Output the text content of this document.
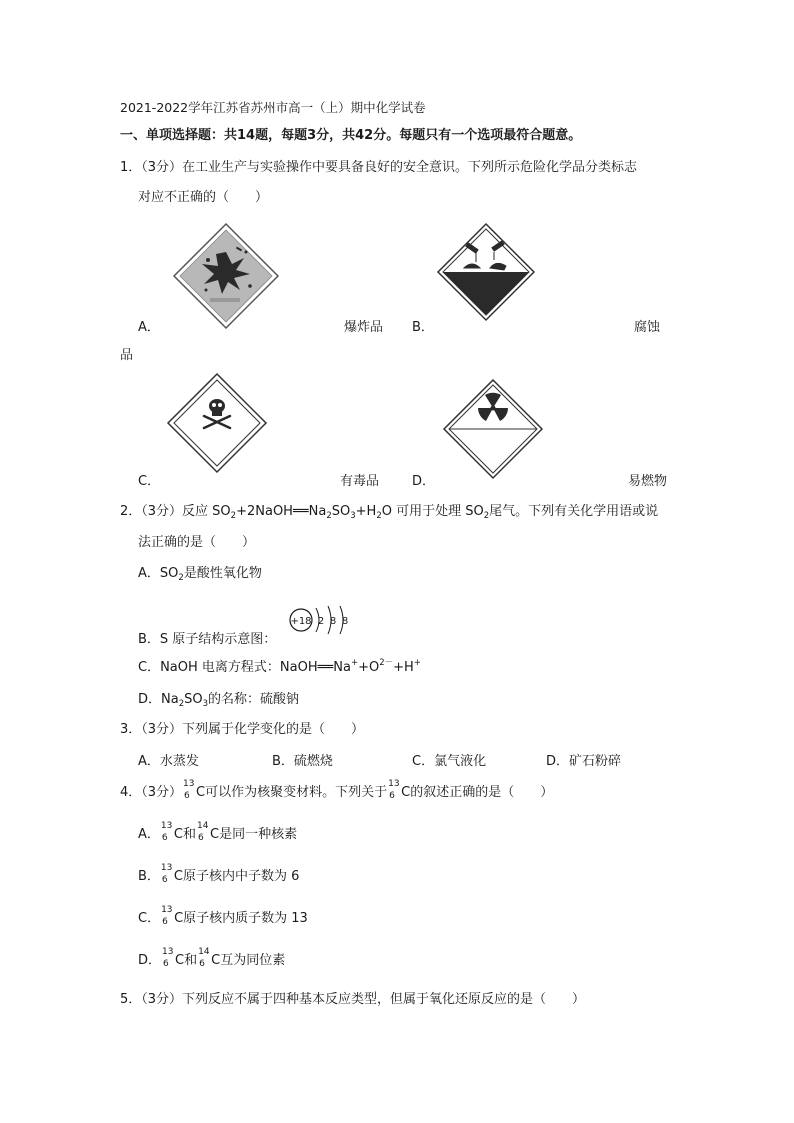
2021-2022学年江苏省苏州市高一（上）期中化学试卷
一、单项选择题：共14题，每题3分，共42分。每题只有一个选项最符合题意。
1．（3分）在工业生产与实验操作中要具备良好的安全意识。下列所示危险化学品分类标志
对应不正确的（　　）
A．	爆炸品 B．	腐蚀
品
C．	有毒品	D．	易燃物
2．（3分）反应 $SO_2+2NaOH══Na_2SO_3+H_2O$ 可用于处理 $SO_2$尾气。下列有关化学用语或说
法正确的是（　　）
A．$SO_2$是酸性氧化物
B．S 原子结构示意图：
+18 2 8 8
C．NaOH 电离方程式：$NaOH══Na^++O^{2-}+H^+$
D．$Na_2SO_3$的名称：硫酸钠
3．（3分）下列属于化学变化的是（　　）
A．水蒸发	B．硫燃烧	C．氯气液化	D．矿石粉碎
4．（3分）
13
6 C可以作为核聚变材料。下列关于
13
6 C的叙述正确的是（　　）
A．
13
6 C和
14
6 C是同一种核素
B．
13
6 C原子核内中子数为 6
C．
13
6 C原子核内质子数为 13
D．
13
6 C和
14
6 C互为同位素
5．（3分）下列反应不属于四种基本反应类型，但属于氧化还原反应的是（　　）
